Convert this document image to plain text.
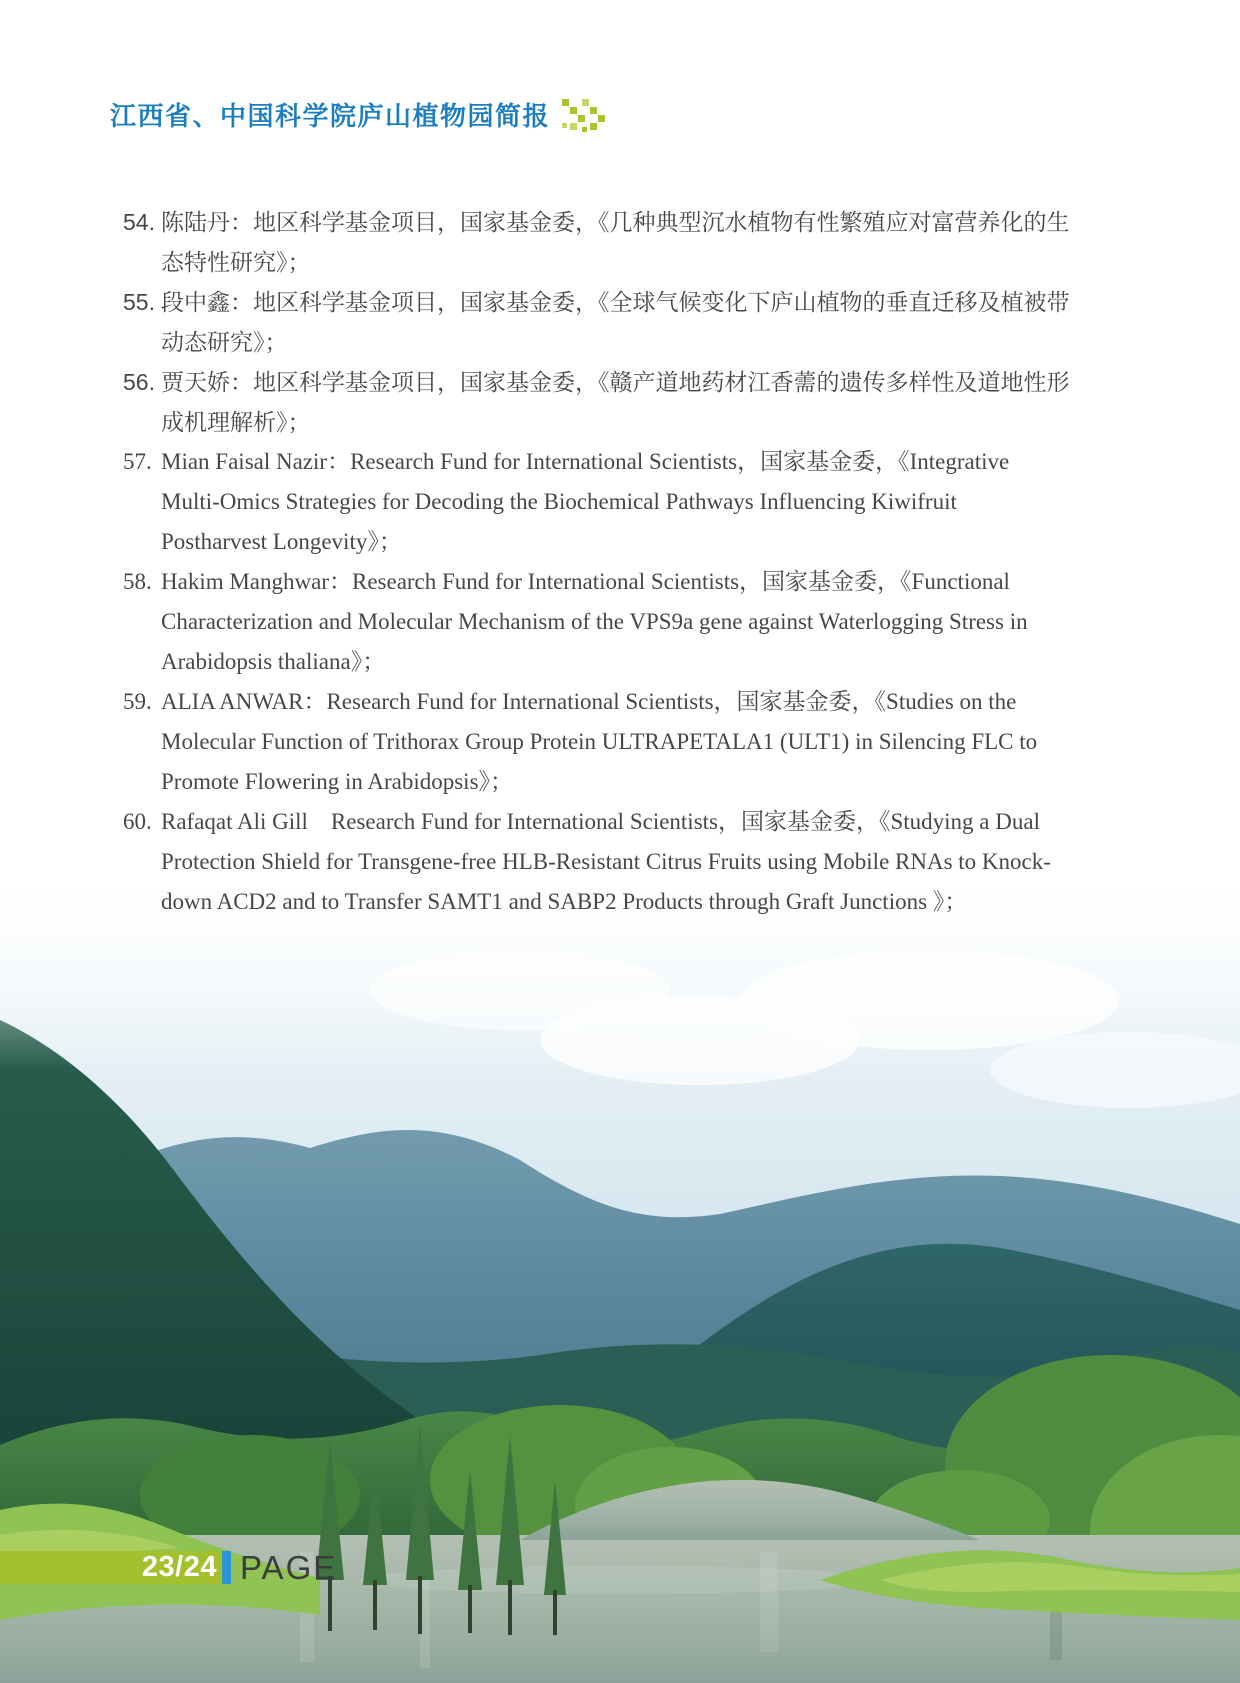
江西省、中国科学院庐山植物园简报
54. 陈陆丹：地区科学基金项目，国家基金委，《几种典型沉水植物有性繁殖应对富营养化的生
态特性研究》；
55. 段中鑫：地区科学基金项目，国家基金委，《全球气候变化下庐山植物的垂直迁移及植被带
动态研究》；
56. 贾天娇：地区科学基金项目，国家基金委，《赣产道地药材江香薷的遗传多样性及道地性形
成机理解析》；
57. Mian Faisal Nazir：Research Fund for International Scientists，国家基金委，《Integrative
Multi-Omics Strategies for Decoding the Biochemical Pathways Influencing Kiwifruit
Postharvest Longevity》；
58. Hakim Manghwar：Research Fund for International Scientists，国家基金委，《Functional
Characterization and Molecular Mechanism of the VPS9a gene against Waterlogging Stress in
Arabidopsis thaliana》；
59. ALIA ANWAR：Research Fund for International Scientists，国家基金委，《Studies on the
Molecular Function of Trithorax Group Protein ULTRAPETALA1 (ULT1) in Silencing FLC to
Promote Flowering in Arabidopsis》；
60. Rafaqat Ali Gill　Research Fund for International Scientists，国家基金委，《Studying a Dual
Protection Shield for Transgene-free HLB-Resistant Citrus Fruits using Mobile RNAs to Knock-
down ACD2 and to Transfer SAMT1 and SABP2 Products through Graft Junctions 》；
23/24 PAGE
